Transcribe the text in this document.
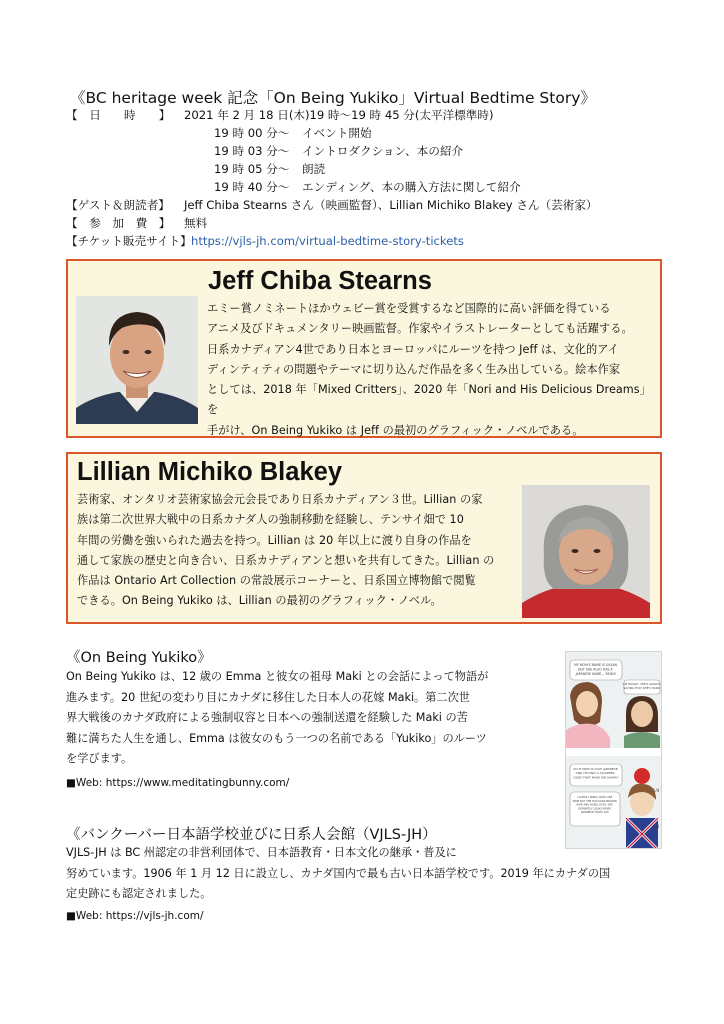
《BC heritage week 記念「On Being Yukiko」Virtual Bedtime Story》
【　日　　時　　】	2021 年 2 月 18 日(木)19 時～19 時 45 分(太平洋標準時)
19 時 00 分～ イベント開始
19 時 03 分～ イントロダクション、本の紹介
19 時 05 分～ 朗読
19 時 40 分～ エンディング、本の購入方法に関して紹介
【ゲスト＆朗読者】	Jeff Chiba Stearns さん（映画監督）、Lillian Michiko Blakey さん（芸術家）
【　参　加　費　】	無料
【チケット販売サイト】 https://vjls-jh.com/virtual-bedtime-story-tickets
Jeff Chiba Stearns

エミー賞ノミネートほかウェビー賞を受賞するなど国際的に高い評価を得ている

アニメ及びドキュメンタリー映画監督。作家やイラストレーターとしても活躍する。

日系カナディアン4世であり日本とヨーロッパにルーツを持つ Jeff は、文化的アイ

ディンティティの問題やテーマに切り込んだ作品を多く生み出している。絵本作家

としては、2018 年「Mixed Critters」、2020 年「Nori and His Delicious Dreams」を

手がけ、On Being Yukiko は Jeff の最初のグラフィック・ノベルである。

Lillian Michiko Blakey

芸術家、オンタリオ芸術家協会元会長であり日系カナディアン３世。Lillian の家

族は第二次世界大戦中の日系カナダ人の強制移動を経験し、テンサイ畑で 10

年間の労働を強いられた過去を持つ。Lillian は 20 年以上に渡り自身の作品を

通して家族の歴史と向き合い、日系カナディアンと想いを共有してきた。Lillian の

作品は Ontario Art Collection の常設展示コーナーと、日系国立博物館で閲覧

できる。On Being Yukiko は、Lillian の最初のグラフィック・ノベル。

《On Being Yukiko》
On Being Yukiko は、12 歳の Emma と彼女の祖母 Maki との会話によって物語が
進みます。20 世紀の変わり目にカナダに移住した日本人の花嫁 Maki。第二次世
界大戦後のカナダ政府による強制収容と日本への強制送還を経験した Maki の苦
難に満ちた人生を通し、Emma は彼女のもう一つの名前である「Yukiko」のルーツ
を学びます。
■Web: https://www.meditatingbunny.com/
MY MOM'S NAME IS SUSAN BUT SHE ALSO HAS A JAPANESE NAME... REIKO!
ALTHOUGH, SHE'S ALWAYS SAYING THAT SHE'S HAPA!
SO IF MOM IS HALF JAPANESE AND I'M ONLY A QUARTER, DOES THAT MAKE ME QUAPA?
I GUESS I KINDA LOOK LIKE MOM BUT SHE HAS DARK BROWN HAIR AND HAZEL EYES. SHE DEFINITELY LOOKS MORE JAPANESE THAN I DO!
1/4
1/4
《バンクーバー日本語学校並びに日系人会館（VJLS-JH）
VJLS-JH は BC 州認定の非営利団体で、日本語教育・日本文化の継承・普及に
努めています。1906 年 1 月 12 日に設立し、カナダ国内で最も古い日本語学校です。2019 年にカナダの国
定史跡にも認定されました。
■Web: https://vjls-jh.com/
